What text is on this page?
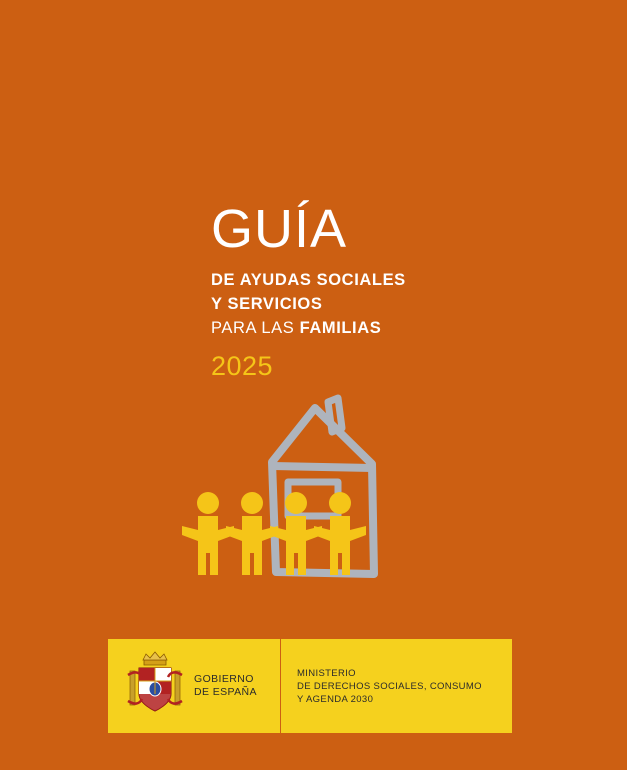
GUÍA
DE AYUDAS SOCIALES
Y SERVICIOS
PARA LAS FAMILIAS
2025
GOBIERNO
DE ESPAÑA
MINISTERIO
DE DERECHOS SOCIALES, CONSUMO
Y AGENDA 2030
